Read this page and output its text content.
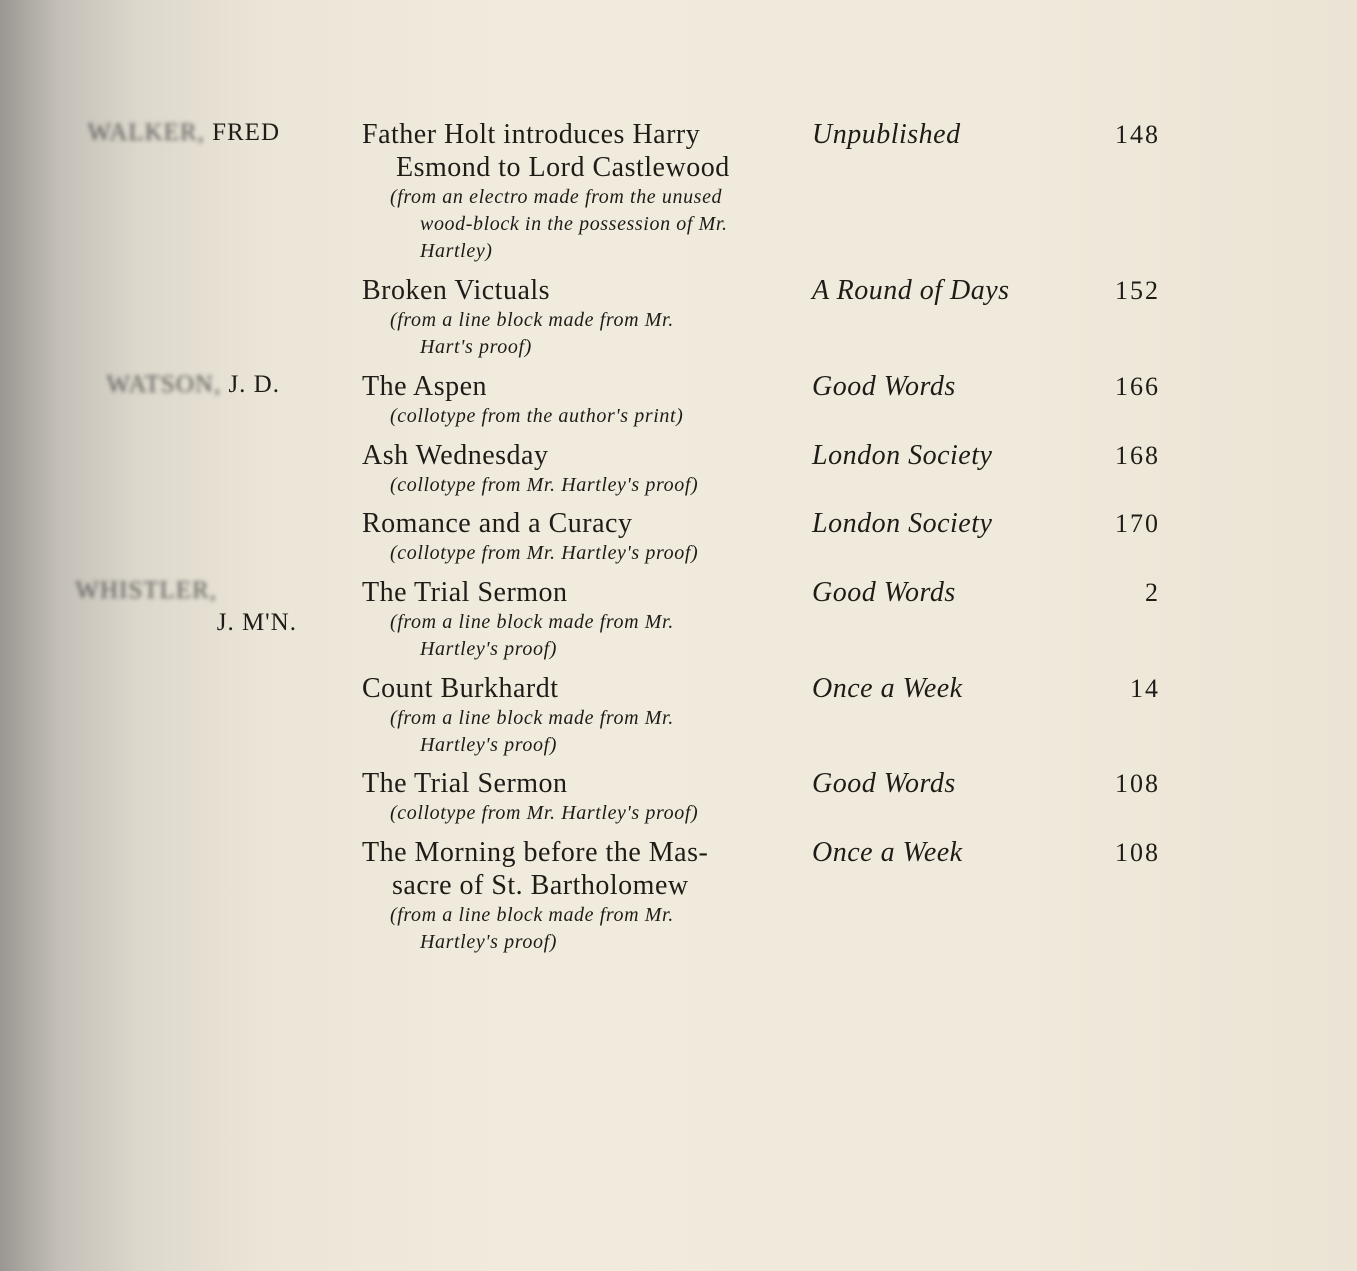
WALKER, FRED	Father Holt introduces Harry
Esmond to Lord Castlewood
(from an electro made from the unused
wood-block in the possession of Mr.
Hartley)
Unpublished	148
Broken Victuals
(from a line block made from Mr.
Hart's proof)
A Round of Days	152
WATSON, J. D.	The Aspen
(collotype from the author's print)
Good Words	166
Ash Wednesday
(collotype from Mr. Hartley's proof)
London Society	168
Romance and a Curacy
(collotype from Mr. Hartley's proof)
London Society	170
WHISTLER,

J. M'N.
The Trial Sermon
(from a line block made from Mr.
Hartley's proof)
Good Words	2
Count Burkhardt
(from a line block made from Mr.
Hartley's proof)
Once a Week	14
The Trial Sermon
(collotype from Mr. Hartley's proof)
Good Words	108
The Morning before the Mas-
sacre of St. Bartholomew
(from a line block made from Mr.
Hartley's proof)
Once a Week	108
